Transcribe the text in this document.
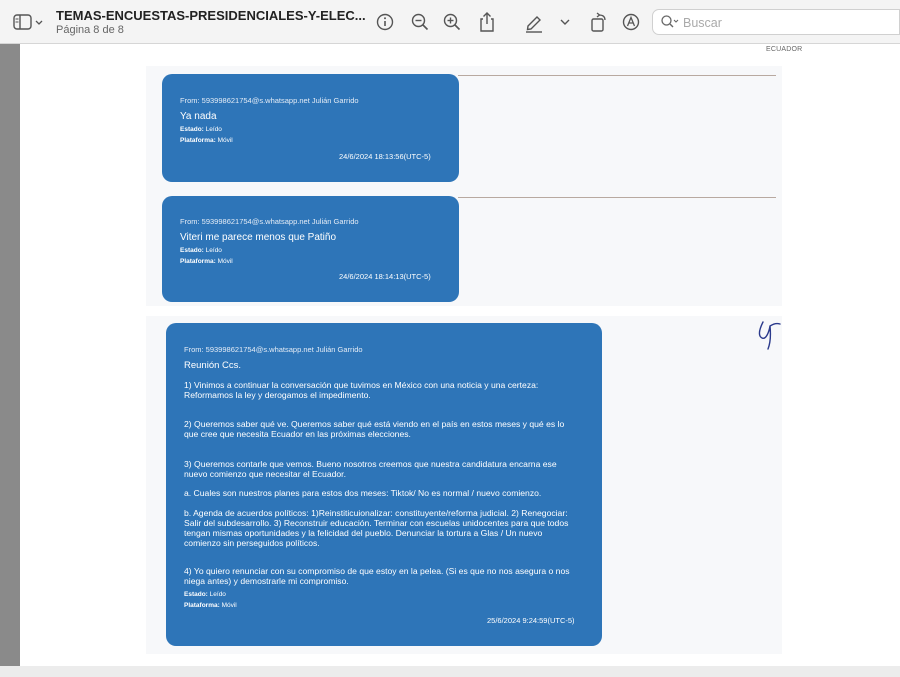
TEMAS-ENCUESTAS-PRESIDENCIALES-Y-ELEC...
Página 8 de 8	Buscar
ECUADOR
From: 593998621754@s.whatsapp.net Julián Garrido
Ya nada
Estado: Leído
Plataforma: Móvil
24/6/2024 18:13:56(UTC-5)
From: 593998621754@s.whatsapp.net Julián Garrido
Viteri me parece menos que Patiño
Estado: Leído
Plataforma: Móvil
24/6/2024 18:14:13(UTC-5)
From: 593998621754@s.whatsapp.net Julián Garrido
Reunión Ccs.
1) Vinimos a continuar la conversación que tuvimos en México con una noticia y una certeza: Reformamos la ley y derogamos el impedimento.
2) Queremos saber qué ve. Queremos saber qué está viendo en el país en estos meses y qué es lo que cree que necesita Ecuador en las próximas elecciones.
3) Queremos contarle que vemos. Bueno nosotros creemos que nuestra candidatura encarna ese nuevo comienzo que necesitar el Ecuador.
a. Cuales son nuestros planes para estos dos meses: Tiktok/ No es normal / nuevo comienzo.
b. Agenda de acuerdos políticos: 1)Reinstiticuionalizar: constituyente/reforma judicial. 2) Renegociar: Salir del subdesarrollo. 3) Reconstruir educación. Terminar con escuelas unidocentes para que todos tengan mismas oportunidades y la felicidad del pueblo. Denunciar la tortura a Glas / Un nuevo comienzo sin perseguidos políticos.
4) Yo quiero renunciar con su compromiso de que estoy en la pelea. (Si es que no nos asegura o nos niega antes) y demostrarle mi compromiso.
Estado: Leído
Plataforma: Móvil
25/6/2024 9:24:59(UTC-5)
